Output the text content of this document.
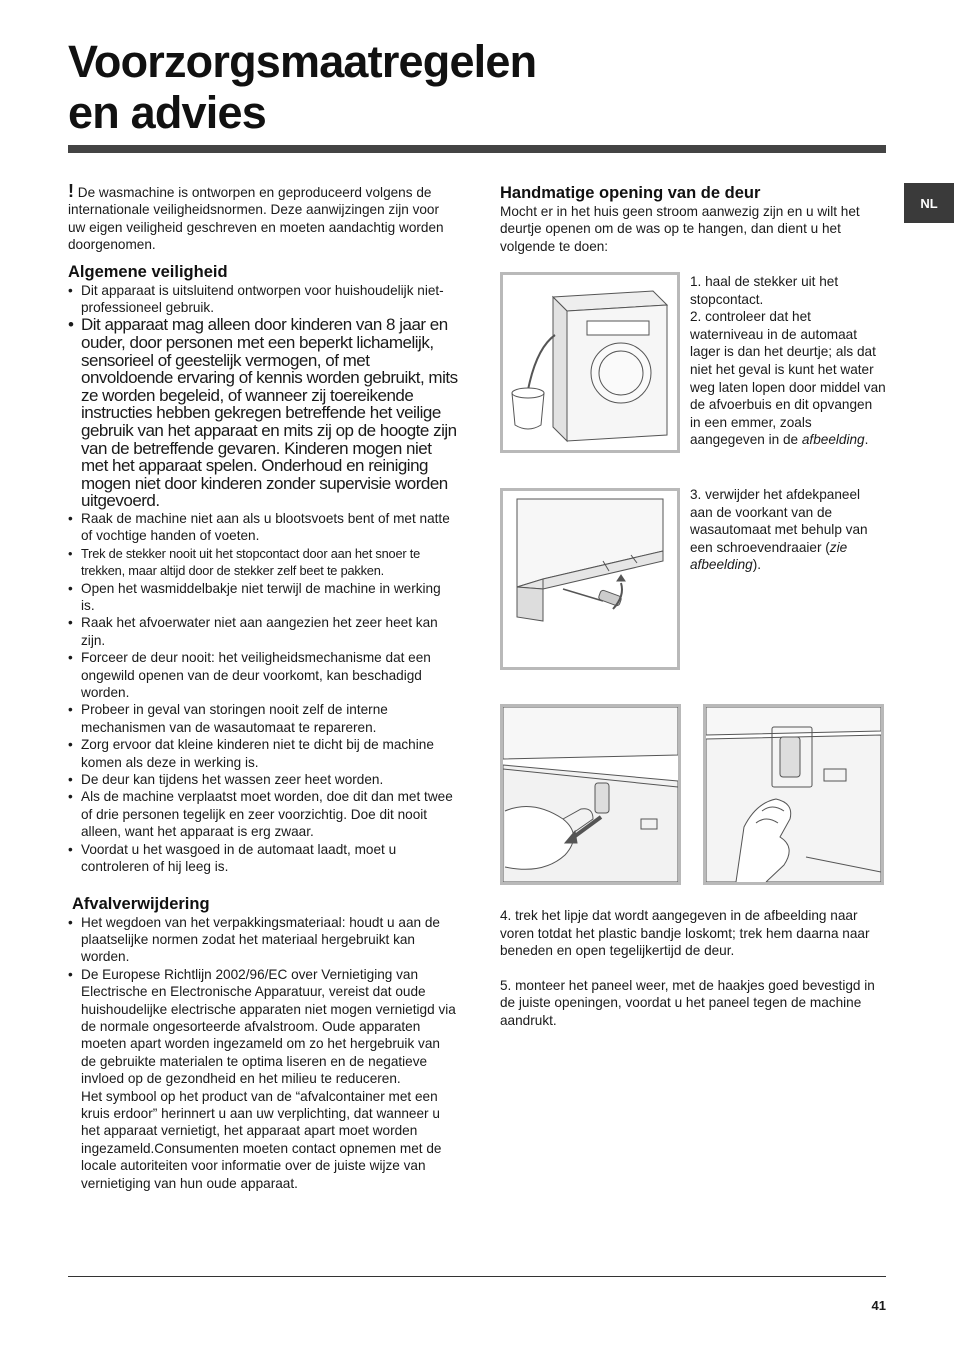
Voorzorgsmaatregelen
en advies
NL

! De wasmachine is ontworpen en geproduceerd volgens de internationale veiligheidsnormen. Deze aanwijzingen zijn voor uw eigen veiligheid geschreven en moeten aandachtig worden doorgenomen.

Algemene veiligheid
• Dit apparaat is uitsluitend ontworpen voor huishoudelijk niet-professioneel gebruik.
• Dit apparaat mag alleen door kinderen van 8 jaar en ouder, door personen met een beperkt lichamelijk, sensorieel of geestelijk vermogen, of met onvoldoende ervaring of kennis worden gebruikt, mits ze worden begeleid, of wanneer zij toereikende instructies hebben gekregen betreffende het veilige gebruik van het apparaat en mits zij op de hoogte zijn van de betreffende gevaren. Kinderen mogen niet met het apparaat spelen. Onderhoud en reiniging mogen niet door kinderen zonder supervisie worden uitgevoerd.
• Raak de machine niet aan als u blootsvoets bent of met natte of vochtige handen of voeten.
• Trek de stekker nooit uit het stopcontact door aan het snoer te trekken, maar altijd door de stekker zelf beet te pakken.
• Open het wasmiddelbakje niet terwijl de machine in werking is.
• Raak het afvoerwater niet aan aangezien het zeer heet kan zijn.
• Forceer de deur nooit: het veiligheidsmechanisme dat een ongewild openen van de deur voorkomt, kan beschadigd worden.
• Probeer in geval van storingen nooit zelf de interne mechanismen van de wasautomaat te repareren.
• Zorg ervoor dat kleine kinderen niet te dicht bij de machine komen als deze in werking is.
• De deur kan tijdens het wassen zeer heet worden.
• Als de machine verplaatst moet worden, doe dit dan met twee of drie personen tegelijk en zeer voorzichtig. Doe dit nooit alleen, want het apparaat is erg zwaar.
• Voordat u het wasgoed in de automaat laadt, moet u controleren of hij leeg is.
Afvalverwijdering
• Het wegdoen van het verpakkingsmateriaal: houdt u aan de plaatselijke normen zodat het materiaal hergebruikt kan worden.
• De Europese Richtlijn 2002/96/EC over Vernietiging van Electrische en Electronische Apparatuur, vereist dat oude huishoudelijke electrische apparaten niet mogen vernietigd via de normale ongesorteerde afvalstroom. Oude apparaten moeten apart worden ingezameld om zo het hergebruik van de gebruikte materialen te optima liseren en de negatieve invloed op de gezondheid en het milieu te reduceren.
Het symbool op het product van de “afvalcontainer met een kruis erdoor” herinnert u aan uw verplichting, dat wanneer u het apparaat vernietigt, het apparaat apart moet worden ingezameld.Consumenten moeten contact opnemen met de locale autoriteiten voor informatie over de juiste wijze van vernietiging van hun oude apparaat.
Handmatige opening van de deur

Mocht er in het huis geen stroom aanwezig zijn en u wilt het deurtje openen om de was op te hangen, dan dient u het volgende te doen:

1. haal de stekker uit het stopcontact.

2. controleer dat het waterniveau in de automaat lager is dan het deurtje; als dat niet het geval is kunt het water weg laten lopen door middel van de afvoerbuis en dit opvangen in een emmer, zoals aangegeven in de afbeelding.

3. verwijder het afdekpaneel aan de voorkant van de wasautomaat met behulp van een schroevendraaier (zie afbeelding).

4. trek het lipje dat wordt aangegeven in de afbeelding naar voren totdat het plastic bandje loskomt; trek hem daarna naar beneden en open tegelijkertijd de deur.

5. monteer het paneel weer, met de haakjes goed bevestigd in de juiste openingen, voordat u het paneel tegen de machine aandrukt.

41
